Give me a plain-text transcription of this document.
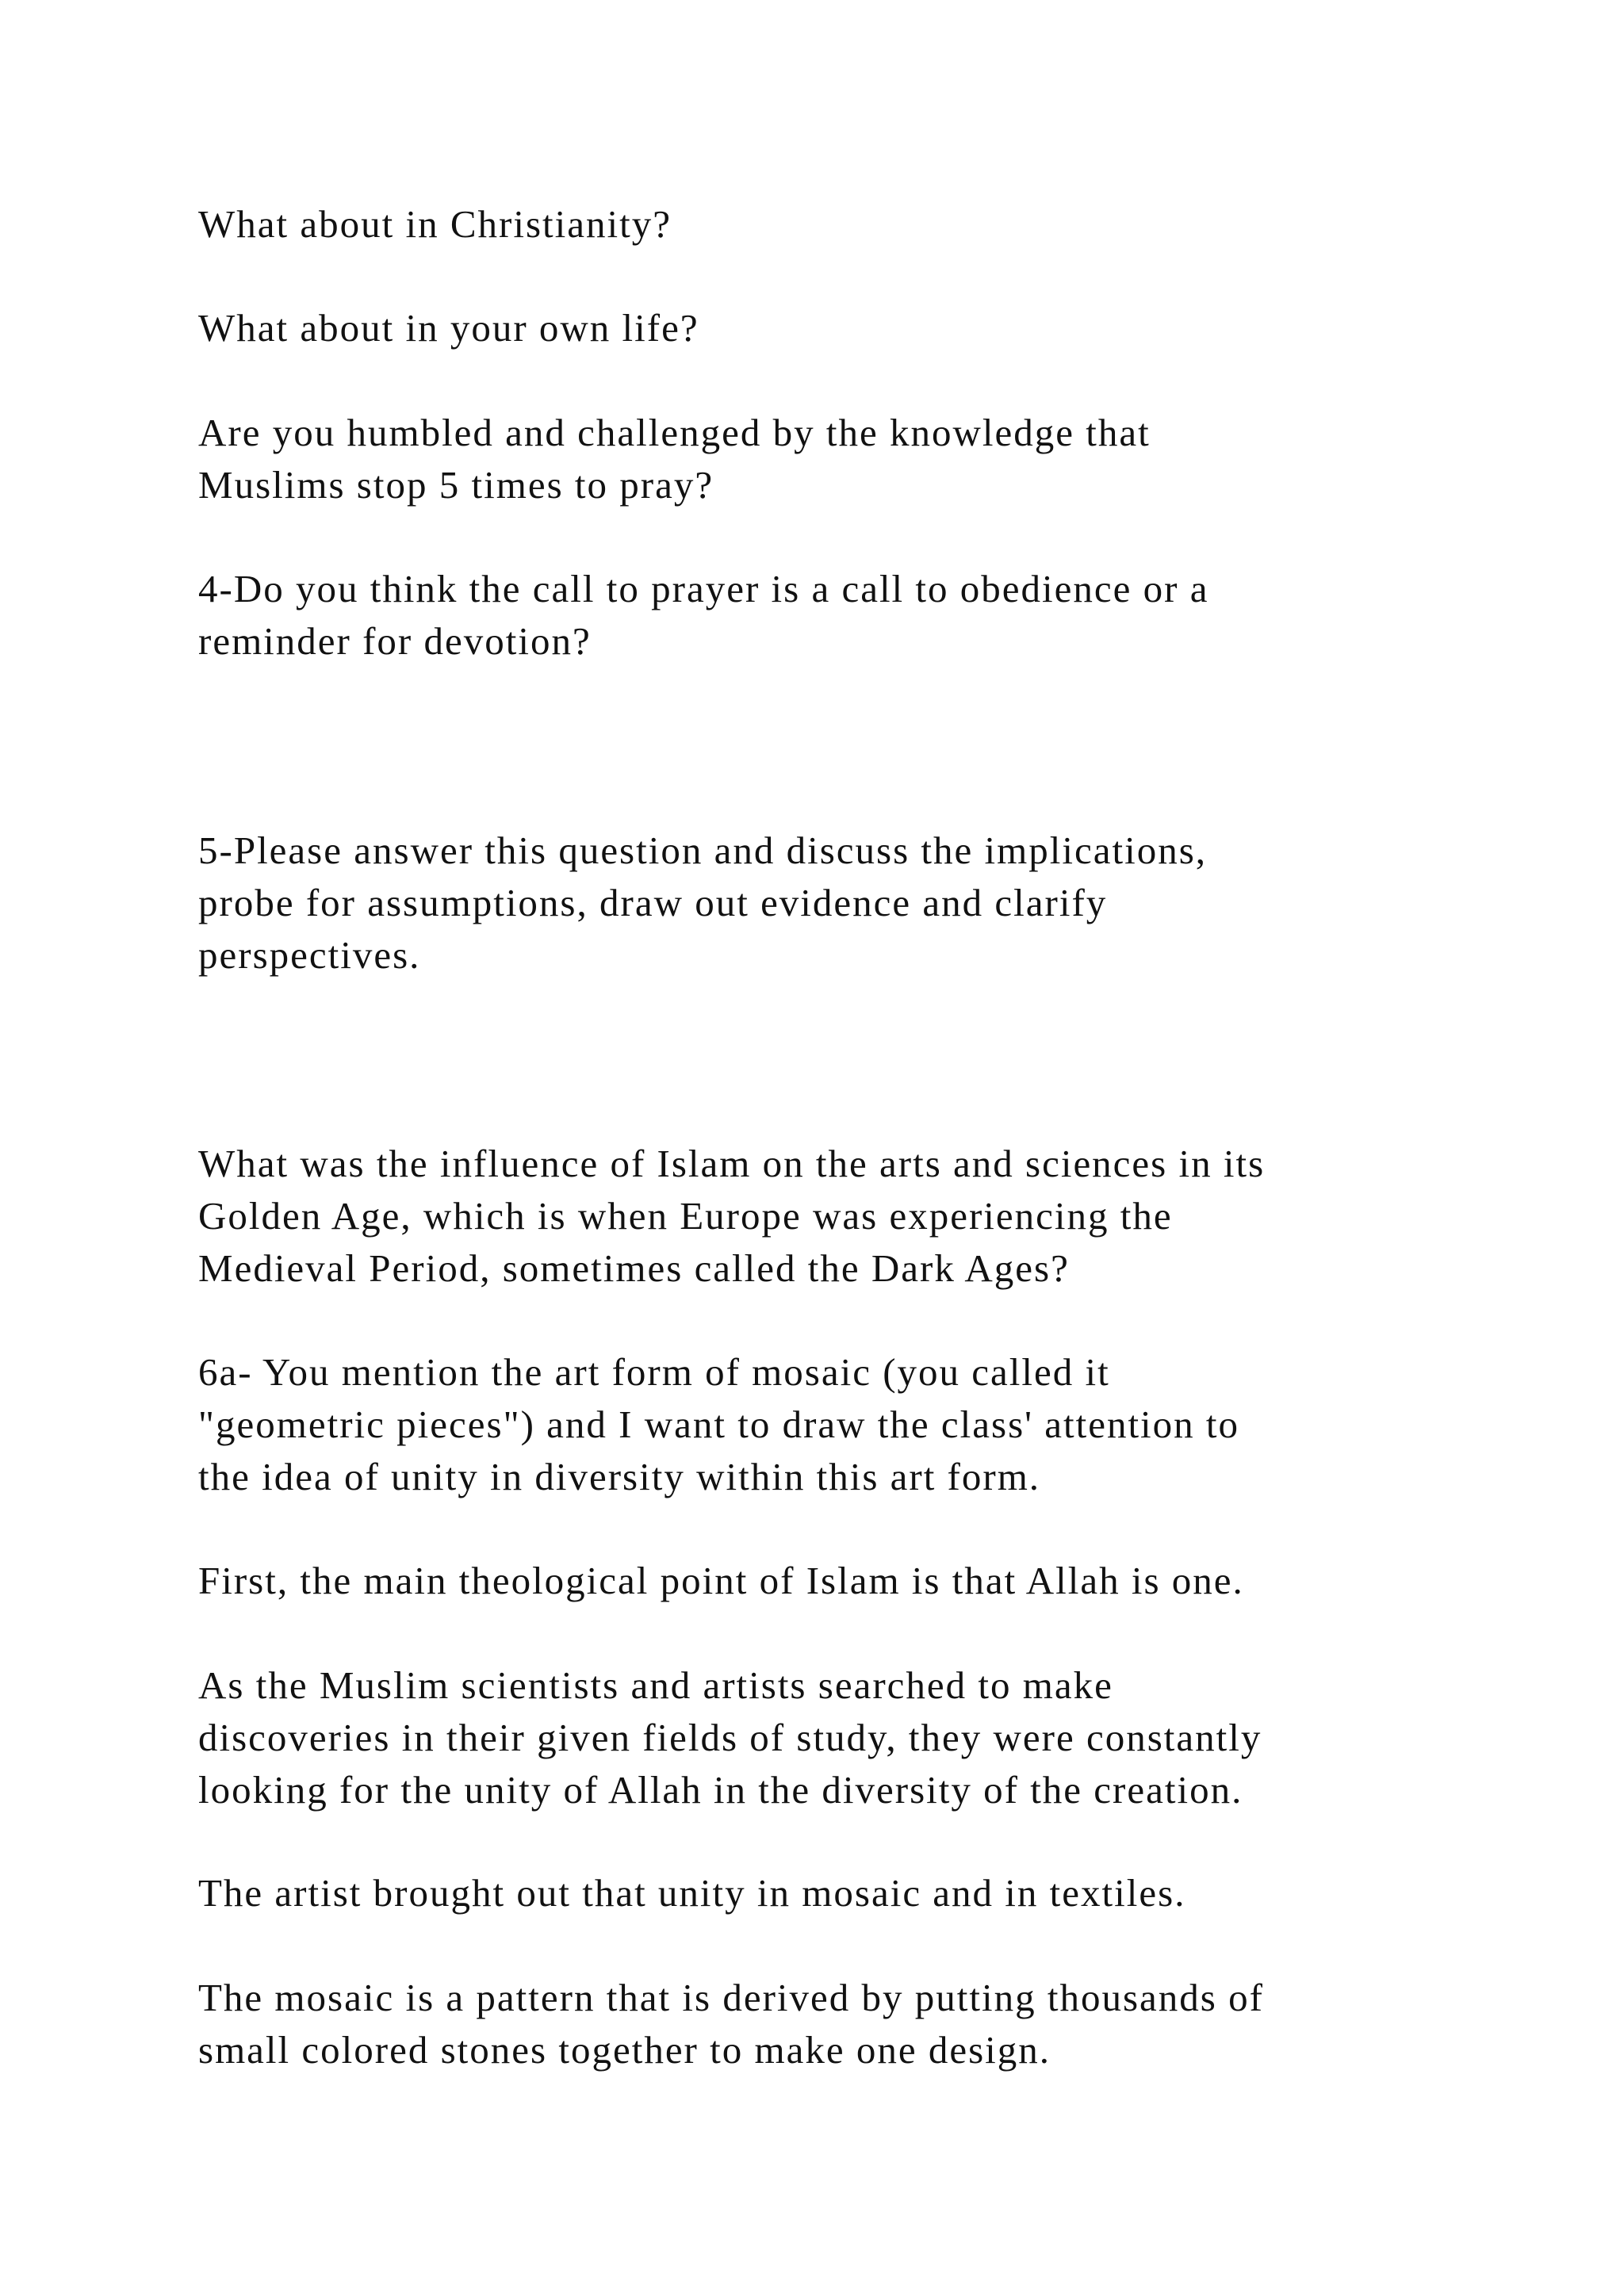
What about in Christianity?

What about in your own life?

Are you humbled and challenged by the knowledge that
Muslims stop 5 times to pray?

4-Do you think the call to prayer is a call to obedience or a
reminder for devotion?

5-Please answer this question and discuss the implications,
probe for assumptions, draw out evidence and clarify
perspectives.

What was the influence of Islam on the arts and sciences in its
Golden Age, which is when Europe was experiencing the
Medieval Period, sometimes called the Dark Ages?

6a- You mention the art form of mosaic (you called it
"geometric pieces") and I want to draw the class' attention to
the idea of unity in diversity within this art form.

First, the main theological point of Islam is that Allah is one.

As the Muslim scientists and artists searched to make
discoveries in their given fields of study, they were constantly
looking for the unity of Allah in the diversity of the creation.

The artist brought out that unity in mosaic and in textiles.

The mosaic is a pattern that is derived by putting thousands of
small colored stones together to make one design.
